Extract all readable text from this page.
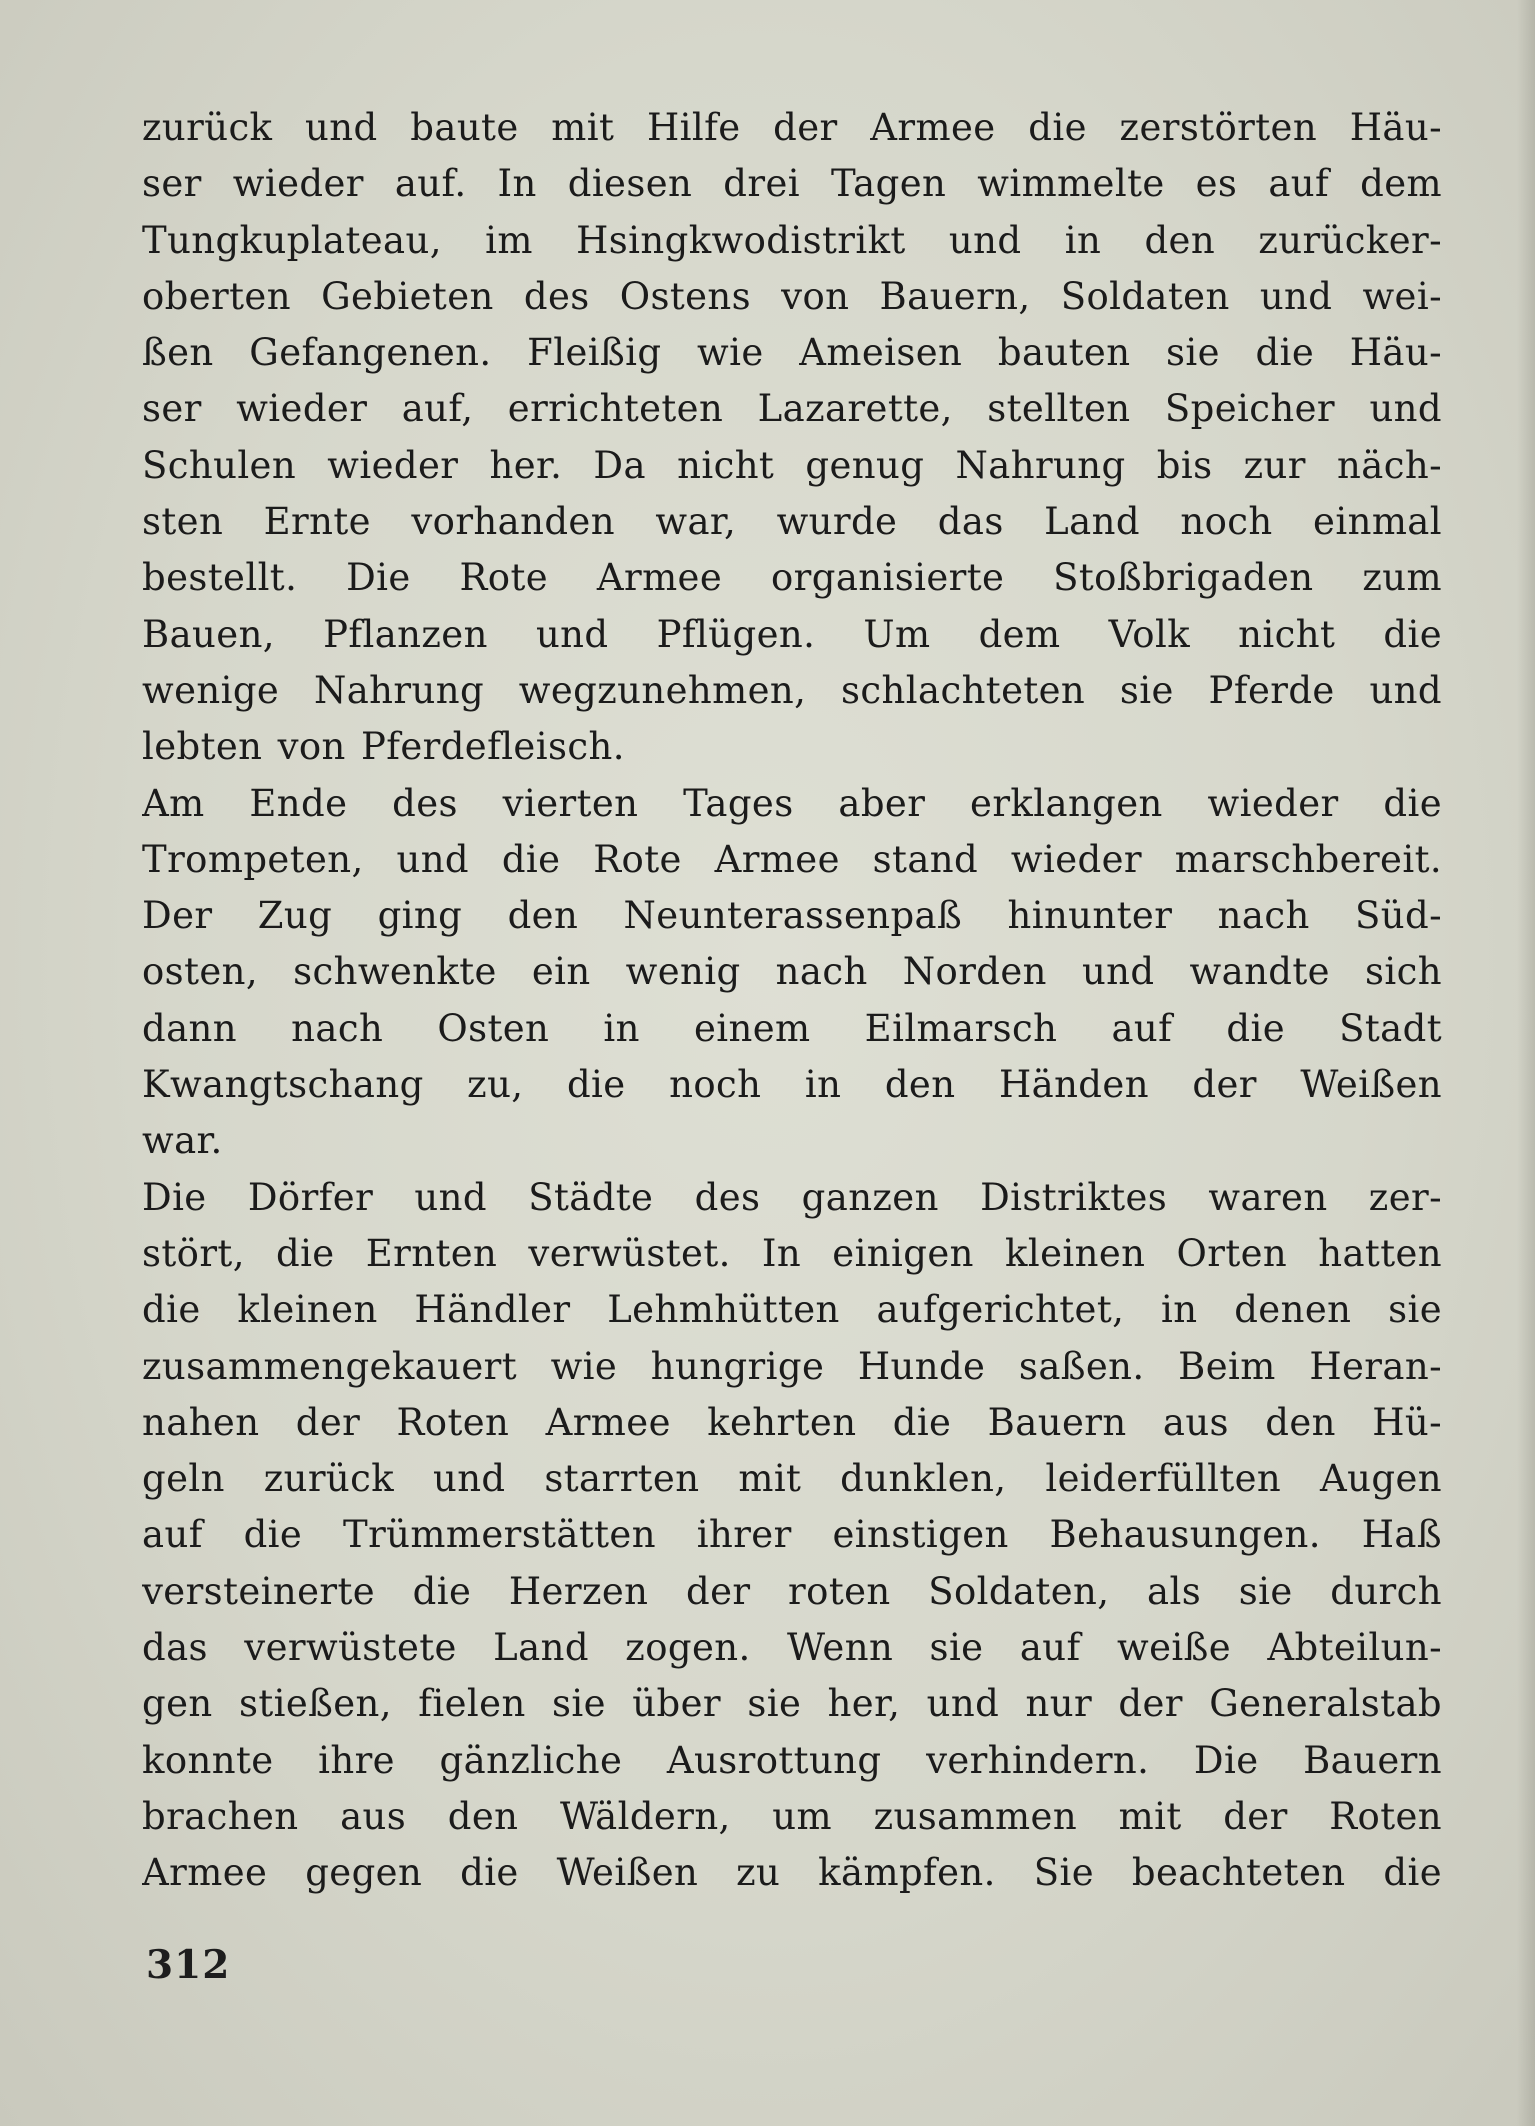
zurück und baute mit Hilfe der Armee die zerstörten Häu-
ser wieder auf. In diesen drei Tagen wimmelte es auf dem
Tungkuplateau, im Hsingkwodistrikt und in den zurücker-
oberten Gebieten des Ostens von Bauern, Soldaten und wei-
ßen Gefangenen. Fleißig wie Ameisen bauten sie die Häu-
ser wieder auf, errichteten Lazarette, stellten Speicher und
Schulen wieder her. Da nicht genug Nahrung bis zur näch-
sten Ernte vorhanden war, wurde das Land noch einmal
bestellt. Die Rote Armee organisierte Stoßbrigaden zum
Bauen, Pflanzen und Pflügen. Um dem Volk nicht die
wenige Nahrung wegzunehmen, schlachteten sie Pferde und
lebten von Pferdefleisch.
Am Ende des vierten Tages aber erklangen wieder die
Trompeten, und die Rote Armee stand wieder marschbereit.
Der Zug ging den Neunterassenpaß hinunter nach Süd-
osten, schwenkte ein wenig nach Norden und wandte sich
dann nach Osten in einem Eilmarsch auf die Stadt
Kwangtschang zu, die noch in den Händen der Weißen
war.
Die Dörfer und Städte des ganzen Distriktes waren zer-
stört, die Ernten verwüstet. In einigen kleinen Orten hatten
die kleinen Händler Lehmhütten aufgerichtet, in denen sie
zusammengekauert wie hungrige Hunde saßen. Beim Heran-
nahen der Roten Armee kehrten die Bauern aus den Hü-
geln zurück und starrten mit dunklen, leiderfüllten Augen
auf die Trümmerstätten ihrer einstigen Behausungen. Haß
versteinerte die Herzen der roten Soldaten, als sie durch
das verwüstete Land zogen. Wenn sie auf weiße Abteilun-
gen stießen, fielen sie über sie her, und nur der Generalstab
konnte ihre gänzliche Ausrottung verhindern. Die Bauern
brachen aus den Wäldern, um zusammen mit der Roten
Armee gegen die Weißen zu kämpfen. Sie beachteten die
312
